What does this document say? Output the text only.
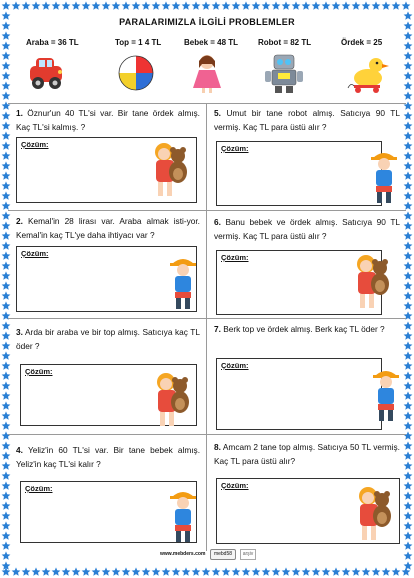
PARALARIMIZLA İLGİLİ PROBLEMLER
Araba = 36 TL	Top = 1 4 TL	Bebek = 48 TL Robot = 82 TL	Ördek = 25
1. Öznur'un 40 TL'si var. Bir tane ördek almış. Kaç TL'si kalmış. ?
Çözüm:
2. Kemal'in 28 lirası var. Araba almak isti-yor. Kemal'in kaç TL'ye daha ihtiyacı var ?
Çözüm:
3. Arda bir araba ve bir top almış. Satıcıya kaç TL öder ?
Çözüm:
4. Yeliz'in 60 TL'si var. Bir tane bebek almış. Yeliz'in kaç TL'si kalır ?
Çözüm:
5. Umut bir tane robot almış. Satıcıya 90 TL vermiş. Kaç TL para üstü alır ?
Çözüm:
6. Banu bebek ve ördek almış. Satıcıya 90 TL vermiş. Kaç TL para üstü alır ?
Çözüm:
7. Berk top ve ördek almış. Berk kaç TL öder ?
Çözüm:
8. Amcam 2 tane top almış. Satıcıya 50 TL vermiş. Kaç TL para üstü alır?
Çözüm:
www.mebders.com	mebd58	arşiv
